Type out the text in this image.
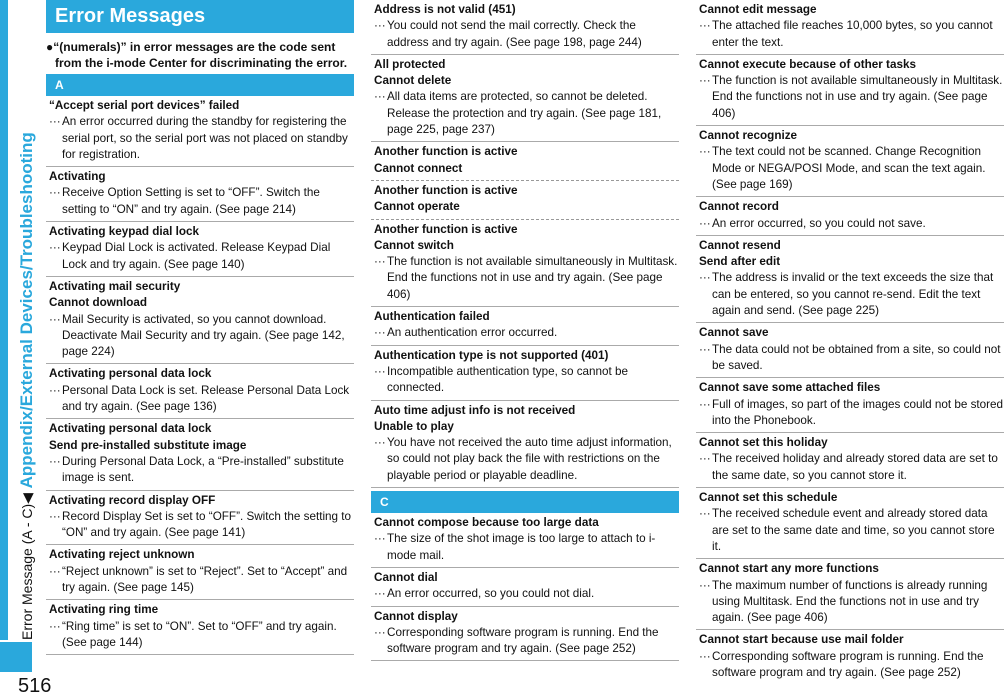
Error Message (A - C)◀ Appendix/External Devices/Troubleshooting
516
Error Messages
●“(numerals)” in error messages are the code sent from the i-mode Center for discriminating the error.
A
“Accept serial port devices” failed
···An error occurred during the standby for registering the serial port, so the serial port was not placed on standby for registration.
Activating
···Receive Option Setting is set to “OFF”. Switch the setting to “ON” and try again. (See page 214)
Activating keypad dial lock
···Keypad Dial Lock is activated. Release Keypad Dial Lock and try again. (See page 140)
Activating mail security
Cannot download
···Mail Security is activated, so you cannot download. Deactivate Mail Security and try again. (See page 142, page 224)
Activating personal data lock
···Personal Data Lock is set. Release Personal Data Lock and try again. (See page 136)
Activating personal data lock
Send pre-installed substitute image
···During Personal Data Lock, a “Pre-installed” substitute image is sent.
Activating record display OFF
···Record Display Set is set to “OFF”. Switch the setting to “ON” and try again. (See page 141)
Activating reject unknown
···“Reject unknown” is set to “Reject”. Set to “Accept” and try again. (See page 145)
Activating ring time
···“Ring time” is set to “ON”. Set to “OFF” and try again. (See page 144)
Address is not valid (451)
···You could not send the mail correctly. Check the address and try again. (See page 198, page 244)
All protected
Cannot delete
···All data items are protected, so cannot be deleted. Release the protection and try again. (See page 181, page 225, page 237)
Another function is active
Cannot connect
Another function is active
Cannot operate
Another function is active
Cannot switch
···The function is not available simultaneously in Multitask. End the functions not in use and try again. (See page 406)
Authentication failed
···An authentication error occurred.
Authentication type is not supported (401)
···Incompatible authentication type, so cannot be connected.
Auto time adjust info is not received
Unable to play
···You have not received the auto time adjust information, so could not play back the file with restrictions on the playable period or playable deadline.
C
Cannot compose because too large data
···The size of the shot image is too large to attach to i-mode mail.
Cannot dial
···An error occurred, so you could not dial.
Cannot display
···Corresponding software program is running. End the software program and try again. (See page 252)
Cannot edit message
···The attached file reaches 10,000 bytes, so you cannot enter the text.
Cannot execute because of other tasks
···The function is not available simultaneously in Multitask. End the functions not in use and try again. (See page 406)
Cannot recognize
···The text could not be scanned. Change Recognition Mode or NEGA/POSI Mode, and scan the text again. (See page 169)
Cannot record
···An error occurred, so you could not save.
Cannot resend
Send after edit
···The address is invalid or the text exceeds the size that can be entered, so you cannot re-send. Edit the text again and send. (See page 225)
Cannot save
···The data could not be obtained from a site, so could not be saved.
Cannot save some attached files
···Full of images, so part of the images could not be stored into the Phonebook.
Cannot set this holiday
···The received holiday and already stored data are set to the same date, so you cannot store it.
Cannot set this schedule
···The received schedule event and already stored data are set to the same date and time, so you cannot store it.
Cannot start any more functions
···The maximum number of functions is already running using Multitask. End the functions not in use and try again. (See page 406)
Cannot start because use mail folder
···Corresponding software program is running. End the software program and try again. (See page 252)
